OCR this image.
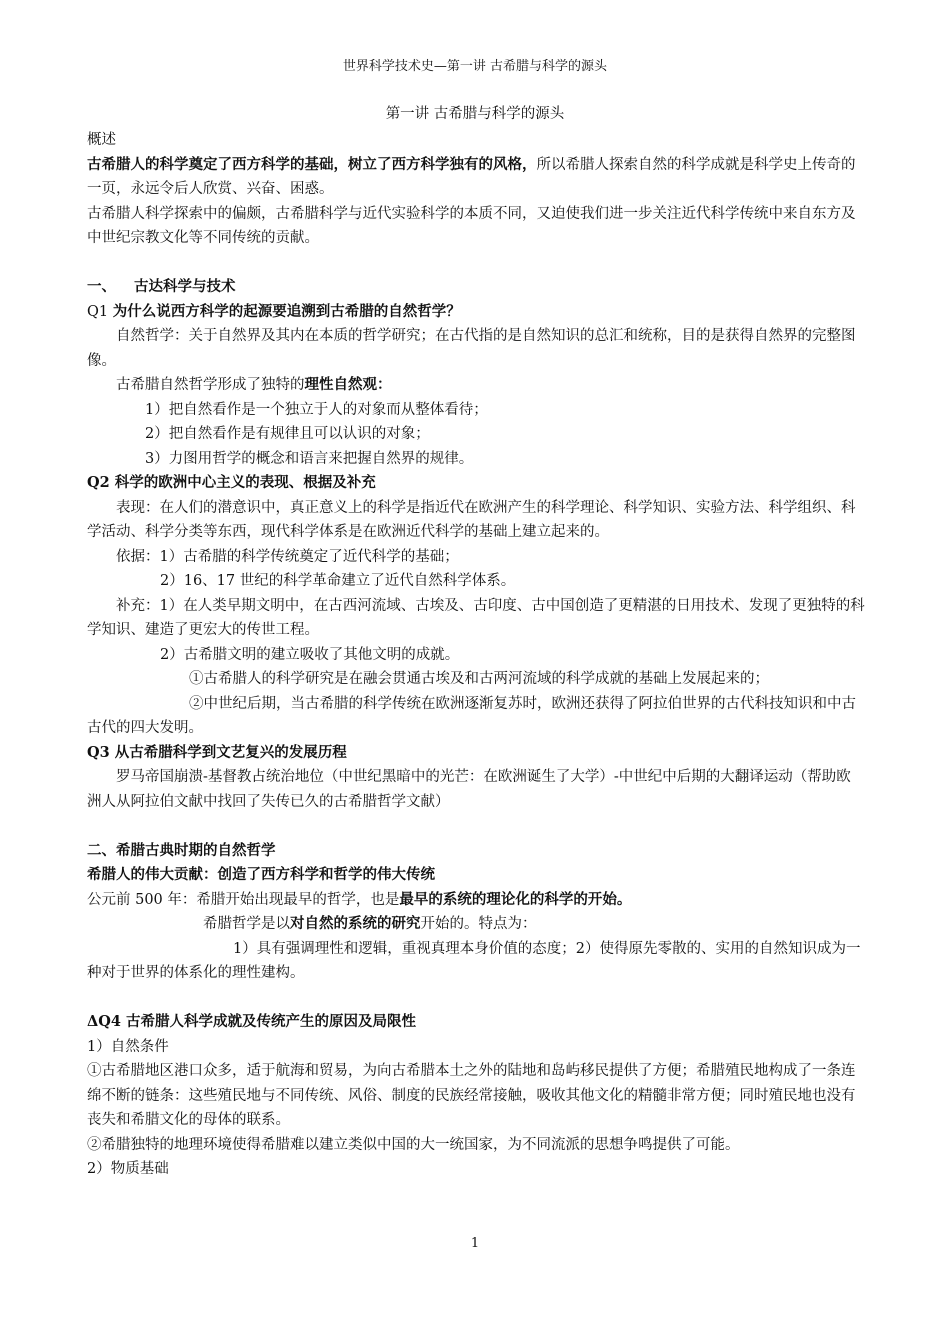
世界科学技术史—第一讲 古希腊与科学的源头
第一讲 古希腊与科学的源头

概述

古希腊人的科学奠定了西方科学的基础，树立了西方科学独有的风格，所以希腊人探索自然的科学成就是科学史上传奇的一页，永远令后人欣赏、兴奋、困惑。

古希腊人科学探索中的偏颇，古希腊科学与近代实验科学的本质不同，又迫使我们进一步关注近代科学传统中来自东方及中世纪宗教文化等不同传统的贡献。

一、 古达科学与技术

Q1 为什么说西方科学的起源要追溯到古希腊的自然哲学？

自然哲学：关于自然界及其内在本质的哲学研究；在古代指的是自然知识的总汇和统称，目的是获得自然界的完整图像。

古希腊自然哲学形成了独特的理性自然观：

1）把自然看作是一个独立于人的对象而从整体看待；

2）把自然看作是有规律且可以认识的对象；

3）力图用哲学的概念和语言来把握自然界的规律。

Q2 科学的欧洲中心主义的表现、根据及补充

表现：在人们的潜意识中，真正意义上的科学是指近代在欧洲产生的科学理论、科学知识、实验方法、科学组织、科学活动、科学分类等东西，现代科学体系是在欧洲近代科学的基础上建立起来的。

依据：1）古希腊的科学传统奠定了近代科学的基础；

2）16、17 世纪的科学革命建立了近代自然科学体系。

补充：1）在人类早期文明中，在古西河流域、古埃及、古印度、古中国创造了更精湛的日用技术、发现了更独特的科学知识、建造了更宏大的传世工程。

2）古希腊文明的建立吸收了其他文明的成就。

①古希腊人的科学研究是在融会贯通古埃及和古两河流域的科学成就的基础上发展起来的；

②中世纪后期，当古希腊的科学传统在欧洲逐渐复苏时，欧洲还获得了阿拉伯世界的古代科技知识和中古古代的四大发明。

Q3 从古希腊科学到文艺复兴的发展历程

罗马帝国崩溃-基督教占统治地位（中世纪黑暗中的光芒：在欧洲诞生了大学）-中世纪中后期的大翻译运动（帮助欧洲人从阿拉伯文献中找回了失传已久的古希腊哲学文献）

二、希腊古典时期的自然哲学

希腊人的伟大贡献：创造了西方科学和哲学的伟大传统

公元前 500 年：希腊开始出现最早的哲学，也是最早的系统的理论化的科学的开始。

希腊哲学是以对自然的系统的研究开始的。特点为：

1）具有强调理性和逻辑，重视真理本身价值的态度；2）使得原先零散的、实用的自然知识成为一种对于世界的体系化的理性建构。

ΔQ4 古希腊人科学成就及传统产生的原因及局限性

1）自然条件

①古希腊地区港口众多，适于航海和贸易，为向古希腊本土之外的陆地和岛屿移民提供了方便；希腊殖民地构成了一条连绵不断的链条：这些殖民地与不同传统、风俗、制度的民族经常接触，吸收其他文化的精髓非常方便；同时殖民地也没有丧失和希腊文化的母体的联系。

②希腊独特的地理环境使得希腊难以建立类似中国的大一统国家，为不同流派的思想争鸣提供了可能。

2）物质基础

1
